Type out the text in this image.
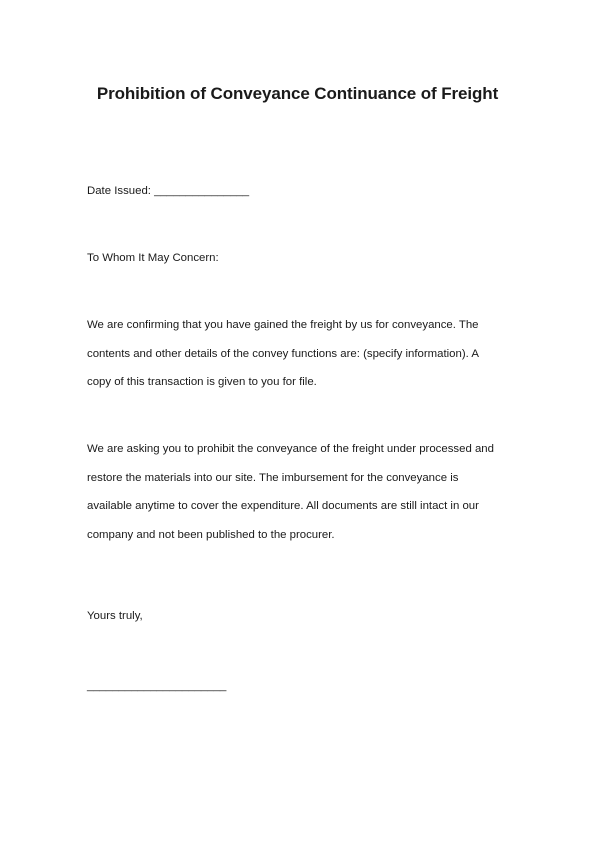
Prohibition of Conveyance Continuance of Freight

Date Issued: _______________

To Whom It May Concern:

We are confirming that you have gained the freight by us for conveyance. The
contents and other details of the convey functions are: (specify information). A
copy of this transaction is given to you for file.
We are asking you to prohibit the conveyance of the freight under processed and
restore the materials into our site. The imbursement for the conveyance is
available anytime to cover the expenditure. All documents are still intact in our
company and not been published to the procurer.

Yours truly,

______________________
